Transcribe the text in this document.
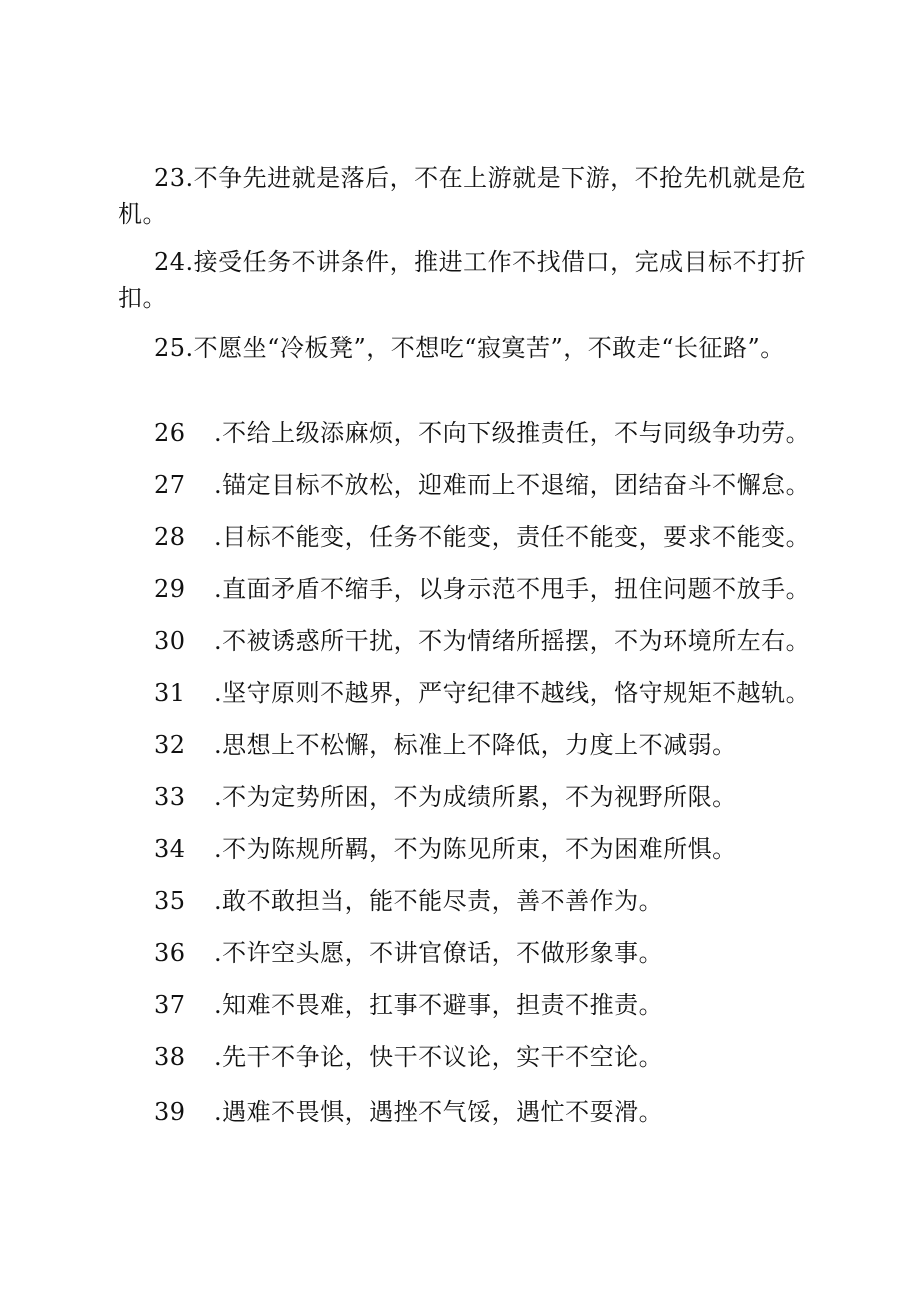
23.不争先进就是落后，不在上游就是下游，不抢先机就是危机。

24.接受任务不讲条件，推进工作不找借口，完成目标不打折扣。

25.不愿坐“冷板凳”，不想吃“寂寞苦”，不敢走“长征路”。

26 .不给上级添麻烦，不向下级推责任，不与同级争功劳。

27 .锚定目标不放松，迎难而上不退缩，团结奋斗不懈怠。

28 .目标不能变，任务不能变，责任不能变，要求不能变。

29 .直面矛盾不缩手，以身示范不甩手，扭住问题不放手。

30 .不被诱惑所干扰，不为情绪所摇摆，不为环境所左右。

31 .坚守原则不越界，严守纪律不越线，恪守规矩不越轨。

32 .思想上不松懈，标准上不降低，力度上不减弱。

33 .不为定势所困，不为成绩所累，不为视野所限。

34 .不为陈规所羁，不为陈见所束，不为困难所惧。

35 .敢不敢担当，能不能尽责，善不善作为。

36 .不许空头愿，不讲官僚话，不做形象事。

37 .知难不畏难，扛事不避事，担责不推责。

38 .先干不争论，快干不议论，实干不空论。

39 .遇难不畏惧，遇挫不气馁，遇忙不耍滑。
